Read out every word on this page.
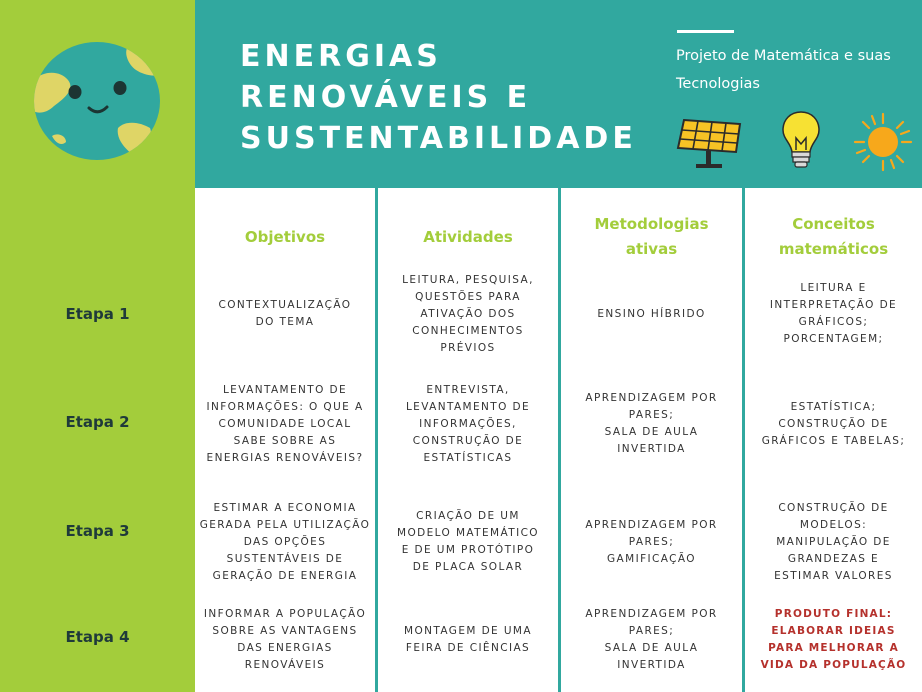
ENERGIAS
RENOVÁVEIS E
SUSTENTABILIDADE
Projeto de Matemática e suas
Tecnologias
Objetivos	Atividades
Metodologias
ativas
Conceitos
matemáticos
Etapa 1
Etapa 2
Etapa 3
Etapa 4
CONTEXTUALIZAÇÃO
DO TEMA
LEITURA, PESQUISA,
QUESTÕES PARA
ATIVAÇÃO DOS
CONHECIMENTOS
PRÉVIOS
ENSINO HÍBRIDO
LEITURA E
INTERPRETAÇÃO DE
GRÁFICOS;
PORCENTAGEM;
LEVANTAMENTO DE
INFORMAÇÕES: O QUE A
COMUNIDADE LOCAL
SABE SOBRE AS
ENERGIAS RENOVÁVEIS?
ENTREVISTA,
LEVANTAMENTO DE
INFORMAÇÕES,
CONSTRUÇÃO DE
ESTATÍSTICAS
APRENDIZAGEM POR
PARES;
SALA DE AULA
INVERTIDA
ESTATÍSTICA;
CONSTRUÇÃO DE
GRÁFICOS E TABELAS;
ESTIMAR A ECONOMIA
GERADA PELA UTILIZAÇÃO
DAS OPÇÕES
SUSTENTÁVEIS DE
GERAÇÃO DE ENERGIA
CRIAÇÃO DE UM
MODELO MATEMÁTICO
E DE UM PROTÓTIPO
DE PLACA SOLAR
APRENDIZAGEM POR
PARES;
GAMIFICAÇÃO
CONSTRUÇÃO DE
MODELOS:
MANIPULAÇÃO DE
GRANDEZAS E
ESTIMAR VALORES
INFORMAR A POPULAÇÃO
SOBRE AS VANTAGENS
DAS ENERGIAS
RENOVÁVEIS
MONTAGEM DE UMA
FEIRA DE CIÊNCIAS
APRENDIZAGEM POR
PARES;
SALA DE AULA
INVERTIDA
PRODUTO FINAL:
ELABORAR IDEIAS
PARA MELHORAR A
VIDA DA POPULAÇÃO
